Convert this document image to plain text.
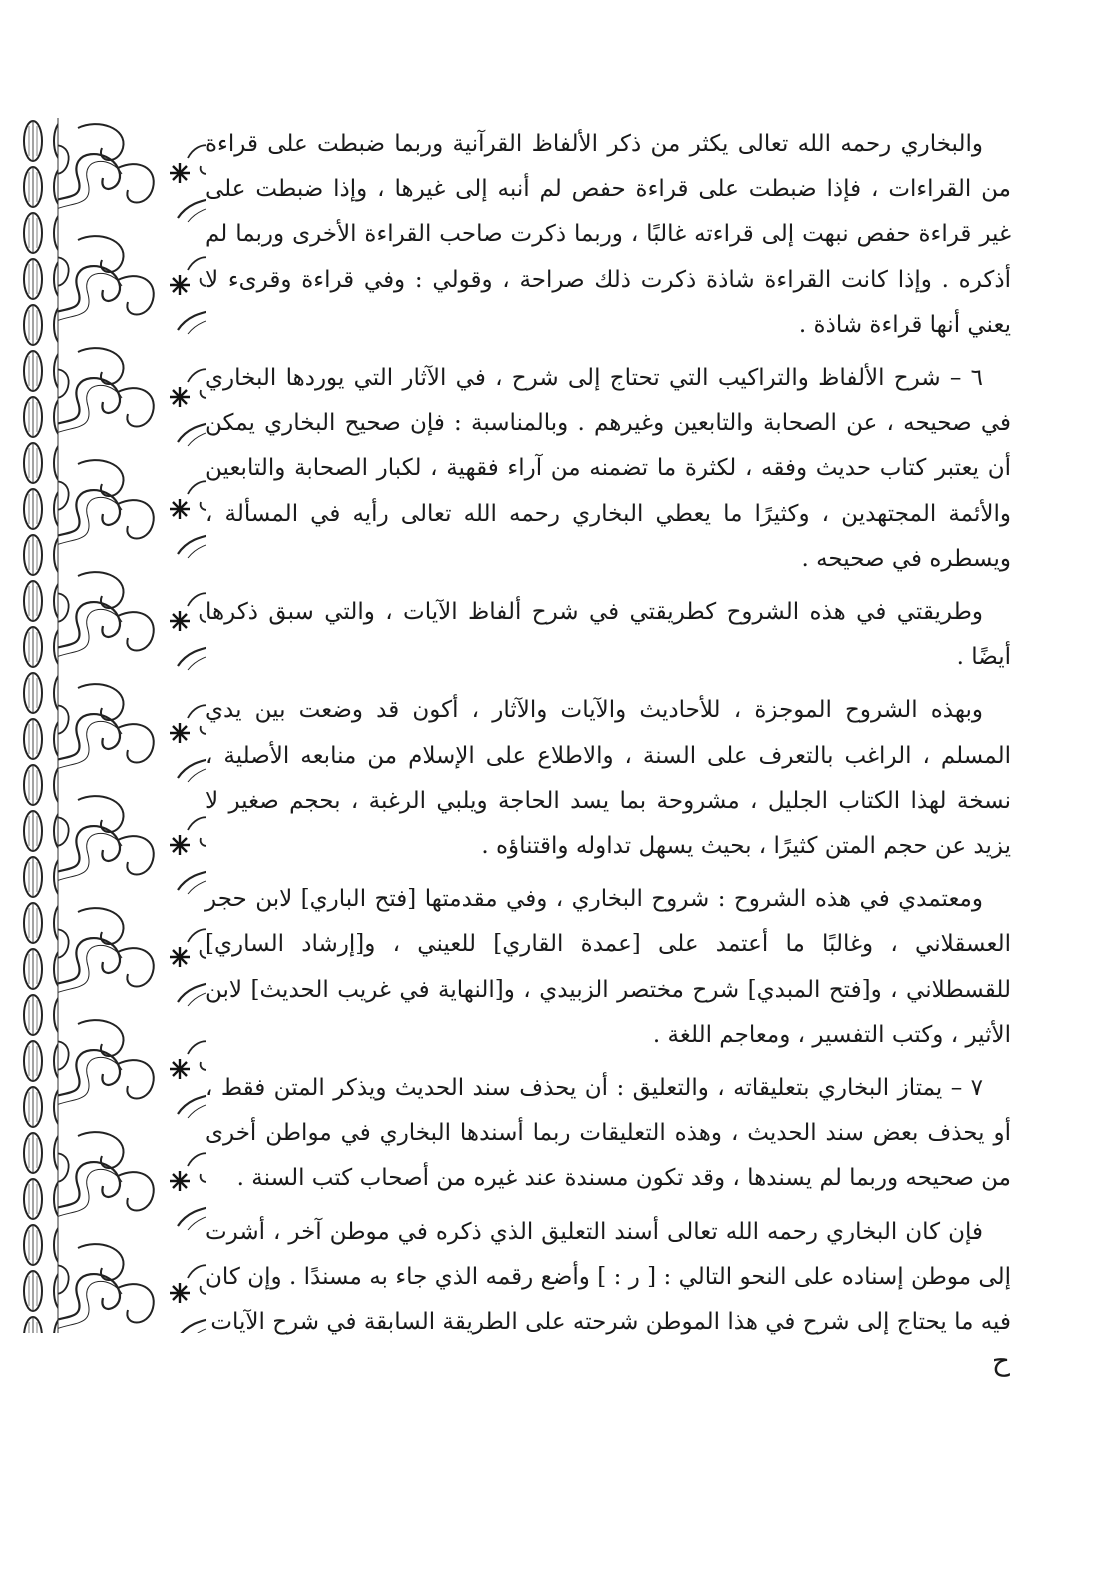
والبخاري رحمه الله تعالى يكثر من ذكر الألفاظ القرآنية وربما ضبطت على قراءة من القراءات ، فإذا ضبطت على قراءة حفص لم أنبه إلى غيرها ، وإذا ضبطت على غير قراءة حفص نبهت إلى قراءته غالبًا ، وربما ذكرت صاحب القراءة الأخرى وربما لم أذكره . وإذا كانت القراءة شاذة ذكرت ذلك صراحة ، وقولي : وفي قراءة وقرىء لا يعني أنها قراءة شاذة .

٦ – شرح الألفاظ والتراكيب التي تحتاج إلى شرح ، في الآثار التي يوردها البخاري في صحيحه ، عن الصحابة والتابعين وغيرهم . وبالمناسبة : فإن صحيح البخاري يمكن أن يعتبر كتاب حديث وفقه ، لكثرة ما تضمنه من آراء فقهية ، لكبار الصحابة والتابعين والأئمة المجتهدين ، وكثيرًا ما يعطي البخاري رحمه الله تعالى رأيه في المسألة ، ويسطره في صحيحه .

وطريقتي في هذه الشروح كطريقتي في شرح ألفاظ الآيات ، والتي سبق ذكرها أيضًا .

وبهذه الشروح الموجزة ، للأحاديث والآيات والآثار ، أكون قد وضعت بين يدي المسلم ، الراغب بالتعرف على السنة ، والاطلاع على الإسلام من منابعه الأصلية ، نسخة لهذا الكتاب الجليل ، مشروحة بما يسد الحاجة ويلبي الرغبة ، بحجم صغير لا يزيد عن حجم المتن كثيرًا ، بحيث يسهل تداوله واقتناؤه .

ومعتمدي في هذه الشروح : شروح البخاري ، وفي مقدمتها [فتح الباري] لابن حجر العسقلاني ، وغالبًا ما أعتمد على [عمدة القاري] للعيني ، و[إرشاد الساري] للقسطلاني ، و[فتح المبدي] شرح مختصر الزبيدي ، و[النهاية في غريب الحديث] لابن الأثير ، وكتب التفسير ، ومعاجم اللغة .

٧ – يمتاز البخاري بتعليقاته ، والتعليق : أن يحذف سند الحديث ويذكر المتن فقط ، أو يحذف بعض سند الحديث ، وهذه التعليقات ربما أسندها البخاري في مواطن أخرى من صحيحه وربما لم يسندها ، وقد تكون مسندة عند غيره من أصحاب كتب السنة .

فإن كان البخاري رحمه الله تعالى أسند التعليق الذي ذكره في موطن آخر ، أشرت إلى موطن إسناده على النحو التالي : [ ر : ] وأضع رقمه الذي جاء به مسندًا . وإن كان فيه ما يحتاج إلى شرح في هذا الموطن شرحته على الطريقة السابقة في شرح الآيات

ح
